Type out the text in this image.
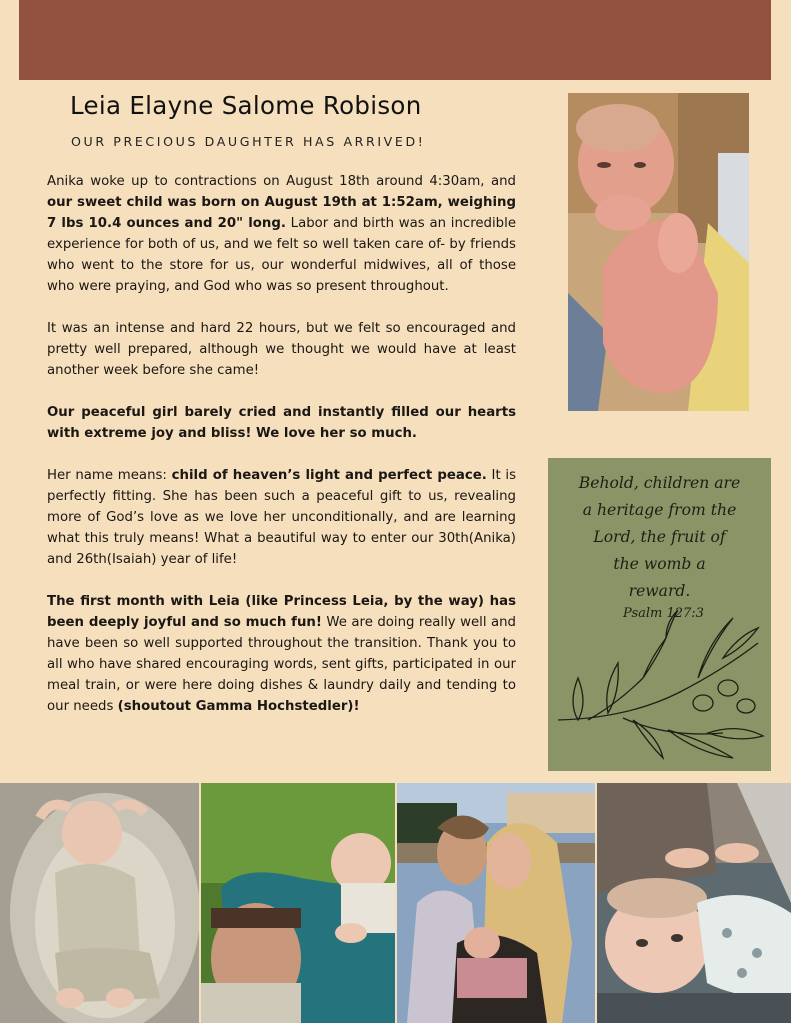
Leia Elayne Salome Robison
OUR PRECIOUS DAUGHTER HAS ARRIVED!

Anika woke up to contractions on August 18th around 4:30am, and our sweet child was born on August 19th at 1:52am, weighing 7 lbs 10.4 ounces and 20" long. Labor and birth was an incredible experience for both of us, and we felt so well taken care of- by friends who went to the store for us, our wonderful midwives, all of those who were praying, and God who was so present throughout.

It was an intense and hard 22 hours, but we felt so encouraged and pretty well prepared, although we thought we would have at least another week before she came!

Our peaceful girl barely cried and instantly filled our hearts with extreme joy and bliss! We love her so much.

Her name means: child of heaven’s light and perfect peace. It is perfectly fitting. She has been such a peaceful gift to us, revealing more of God’s love as we love her unconditionally, and are learning what this truly means! What a beautiful way to enter our 30th(Anika) and 26th(Isaiah) year of life!

The first month with Leia (like Princess Leia, by the way) has been deeply joyful and so much fun! We are doing really well and have been so well supported throughout the transition. Thank you to all who have shared encouraging words, sent gifts, participated in our meal train, or were here doing dishes & laundry daily and tending to our needs (shoutout Gamma Hochstedler)!

Behold, children are
a heritage from the
Lord, the fruit of
the womb a
reward.
Psalm 127:3
